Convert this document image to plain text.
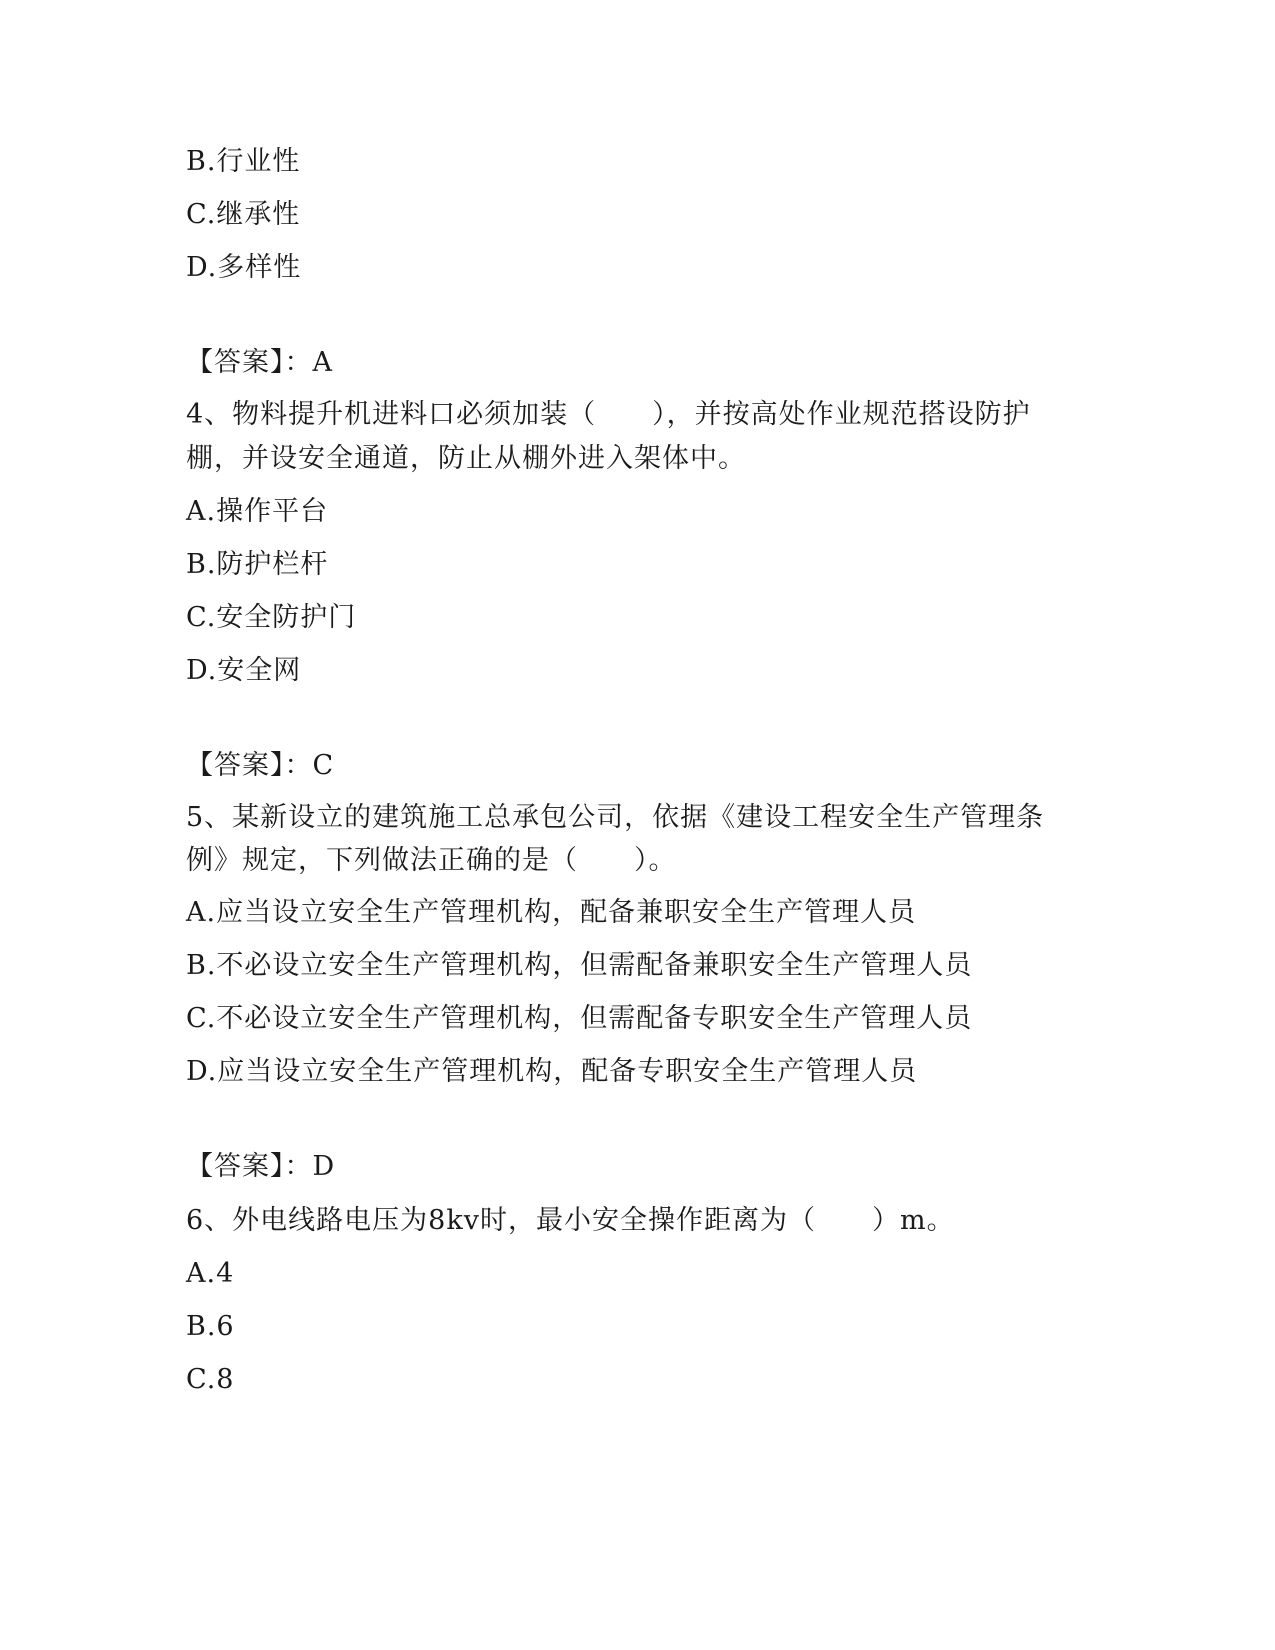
B.行业性
C.继承性
D.多样性
【答案】：A
4、物料提升机进料口必须加装（　　），并按高处作业规范搭设防护
棚，并设安全通道，防止从棚外进入架体中。
A.操作平台
B.防护栏杆
C.安全防护门
D.安全网
【答案】：C
5、某新设立的建筑施工总承包公司，依据《建设工程安全生产管理条
例》规定，下列做法正确的是（　　）。
A.应当设立安全生产管理机构，配备兼职安全生产管理人员
B.不必设立安全生产管理机构，但需配备兼职安全生产管理人员
C.不必设立安全生产管理机构，但需配备专职安全生产管理人员
D.应当设立安全生产管理机构，配备专职安全生产管理人员
【答案】：D
6、外电线路电压为8kv时，最小安全操作距离为（　　）m。
A.4
B.6
C.8
